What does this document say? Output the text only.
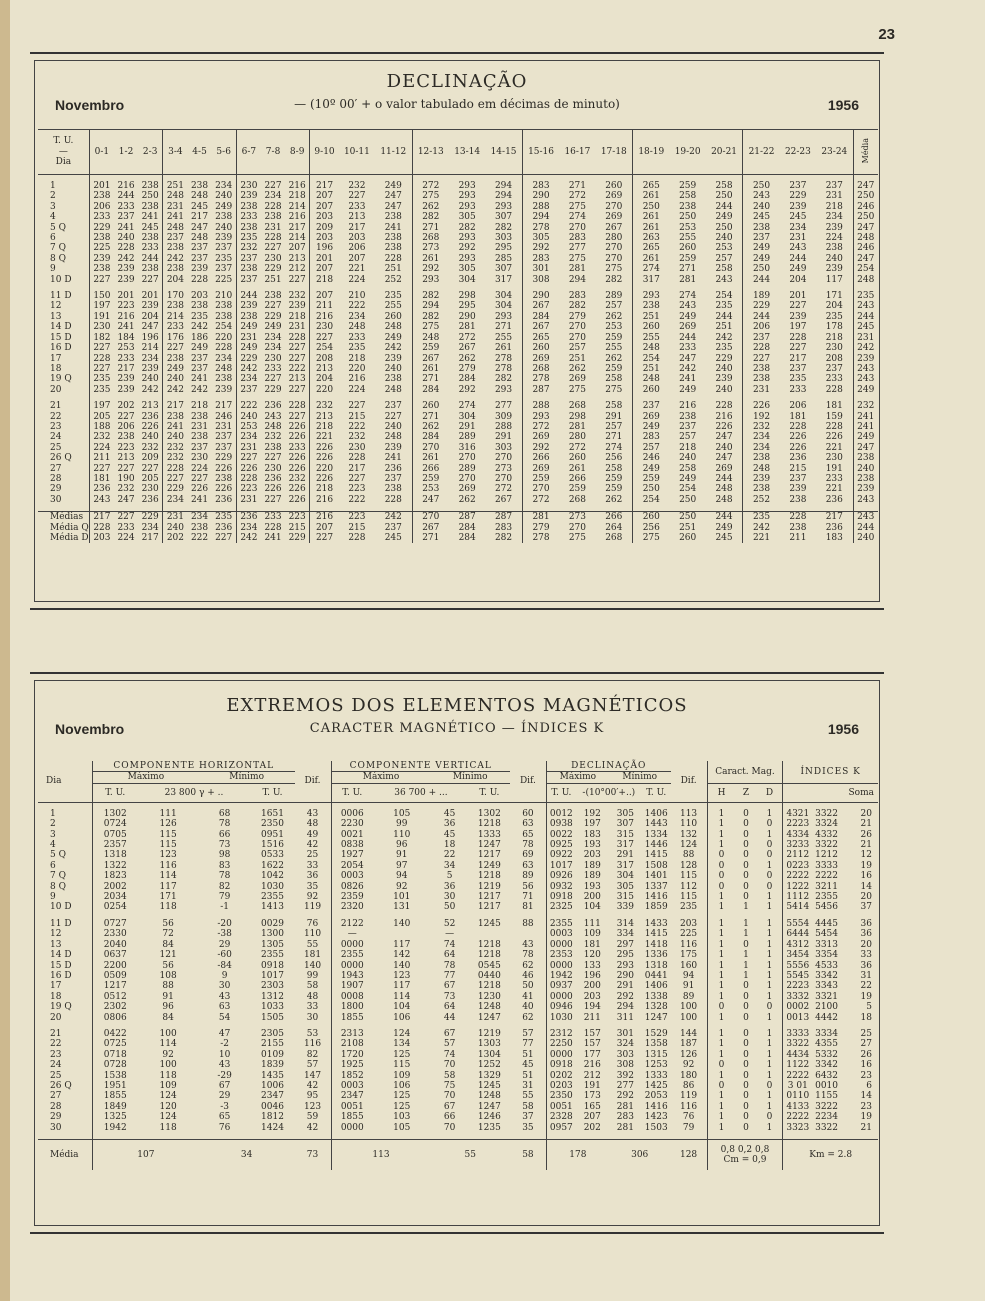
23
DECLINAÇÃO
Novembro	— (10º 00′ + o valor tabulado em décimas de minuto)	1956
T. U.
—
Dia	0-1	1-2	2-3	3-4	4-5	5-6	6-7	7-8	8-9	9-10	10-11	11-12	12-13	13-14	14-15	15-16	16-17	17-18	18-19	19-20	20-21	21-22	22-23	23-24	Média

1	201	216	238	251	238	234	230	227	216	217	232	249	272	293	294	283	271	260	265	259	258	250	237	237	247
2	238	244	250	248	248	240	239	234	218	207	227	247	275	293	294	290	272	269	261	258	250	243	229	231	250
3	206	233	238	231	245	249	238	228	214	207	233	247	262	293	293	288	275	270	250	238	244	240	239	218	246
4	233	237	241	241	217	238	233	238	216	203	213	238	282	305	307	294	274	269	261	250	249	245	245	234	250
5 Q	229	241	245	248	247	240	238	231	217	209	217	241	271	282	282	278	270	267	261	253	250	238	234	239	247
6	238	240	238	237	248	239	235	228	214	203	203	238	268	293	303	305	283	280	263	255	240	237	231	224	248
7 Q	225	228	233	238	237	237	232	227	207	196	206	238	273	292	295	292	277	270	265	260	253	249	243	238	246
8 Q	239	242	244	242	237	235	237	230	213	201	207	228	261	293	285	283	275	270	261	259	257	249	244	240	247
9	238	239	238	238	239	237	238	229	212	207	221	251	292	305	307	301	281	275	274	271	258	250	249	239	254
10 D	227	239	227	204	228	225	237	251	227	218	224	252	293	304	317	308	294	282	317	281	243	244	204	117	248

11 D	150	201	201	170	203	210	244	238	232	207	210	235	282	298	304	290	283	289	293	274	254	189	201	171	235
12	197	223	239	238	238	238	239	227	239	211	222	255	294	295	304	267	282	257	238	243	235	229	227	204	243
13	191	216	204	214	235	238	238	229	218	216	234	260	282	290	293	284	279	262	251	249	244	244	239	235	244
14 D	230	241	247	233	242	254	249	249	231	230	248	248	275	281	271	267	270	253	260	269	251	206	197	178	245
15 D	182	184	196	176	186	220	231	234	228	227	233	249	248	272	255	265	270	259	255	244	242	237	228	218	231
16 D	227	253	214	227	249	228	249	234	227	254	235	242	259	267	261	260	257	255	248	233	235	228	227	230	242
17	228	233	234	238	237	234	229	230	227	208	218	239	267	262	278	269	251	262	254	247	229	227	217	208	239
18	227	217	239	249	237	248	242	233	222	213	220	240	261	279	278	268	262	259	251	242	240	238	237	237	243
19 Q	235	239	240	240	241	238	234	227	213	204	216	238	271	284	282	278	269	258	248	241	239	238	235	233	243
20	235	239	242	242	242	239	237	229	227	220	224	248	284	292	293	287	275	275	260	249	240	231	233	228	249

21	197	202	213	217	218	217	222	236	228	232	227	237	260	274	277	288	268	258	237	216	228	226	206	181	232
22	205	227	236	238	238	246	240	243	227	213	215	227	271	304	309	293	298	291	269	238	216	192	181	159	241
23	188	206	226	241	231	231	253	248	226	218	222	240	262	291	288	272	281	257	249	237	226	232	228	228	241
24	232	238	240	240	238	237	234	232	226	221	232	248	284	289	291	269	280	271	283	257	247	234	226	226	249
25	224	223	232	232	237	237	231	238	233	226	230	239	270	316	303	292	272	274	257	218	240	234	226	221	247
26 Q	211	213	209	232	230	229	227	227	226	226	228	241	261	270	270	266	260	256	246	240	247	238	236	230	238
27	227	227	227	228	224	226	226	230	226	220	217	236	266	289	273	269	261	258	249	258	269	248	215	191	240
28	181	190	205	227	227	238	228	236	232	226	227	237	259	270	270	259	266	259	259	249	244	239	237	233	238
29	236	232	230	229	226	226	223	226	226	218	223	238	253	269	272	270	259	259	250	254	248	238	239	221	239
30	243	247	236	234	241	236	231	227	226	216	222	228	247	262	267	272	268	262	254	250	248	252	238	236	243

Médias	217	227	229	231	234	235	236	233	223	216	223	242	270	287	287	281	273	266	260	250	244	235	228	217	243
Média Q	228	233	234	240	238	236	234	228	215	207	215	237	267	284	283	279	270	264	256	251	249	242	238	236	244
Média D	203	224	217	202	222	227	242	241	229	227	228	245	271	284	282	278	275	268	275	260	245	221	211	183	240
EXTREMOS DOS ELEMENTOS MAGNÉTICOS
Novembro	CARACTER MAGNÉTICO — ÍNDICES K	1956
Dia	COMPONENTE HORIZONTAL				Dif.	COMPONENTE VERTICAL				Dif.	DECLINAÇÃO				Dif.	Caract. Mag.			ÍNDICES K		
	Máximo		Mínimo			Máximo		Mínimo			Máximo		Mínimo								
	T. U.	23 800 γ + ..		T. U.		T. U.	36 700 + ...		T. U.		T. U.	-(10°00′+..)		T. U.		H	Z	D			Soma

1	1302	111	68	1651	43	0006	105	45	1302	60	0012	192	305	1406	113	1	0	1	4321	3322	20
2	0724	126	78	2350	48	2230	99	36	1218	63	0938	197	307	1443	110	1	0	0	2223	3324	21
3	0705	115	66	0951	49	0021	110	45	1333	65	0022	183	315	1334	132	1	0	1	4334	4332	26
4	2357	115	73	1516	42	0838	96	18	1247	78	0925	193	317	1446	124	1	0	0	3233	3322	21
5 Q	1318	123	98	0533	25	1927	91	22	1217	69	0922	203	291	1415	88	0	0	0	2112	1212	12
6	1322	116	83	1622	33	2054	97	34	1249	63	1017	189	317	1508	128	0	0	1	0223	3333	19
7 Q	1823	114	78	1042	36	0003	94	5	1218	89	0926	189	304	1401	115	0	0	0	2222	2222	16
8 Q	2002	117	82	1030	35	0826	92	36	1219	56	0932	193	305	1337	112	0	0	0	1222	3211	14
9	2034	171	79	2355	92	2359	101	30	1217	71	0918	200	315	1416	115	1	0	1	1112	2355	20
10 D	0254	118	-1	1413	119	2320	131	50	1217	81	2325	104	339	1859	235	1	1	1	5414	5456	37

11 D	0727	56	-20	0029	76	2122	140	52	1245	88	2355	111	314	1433	203	1	1	1	5554	4445	36
12	2330	72	-38	1300	110	—		—			0003	109	334	1415	225	1	1	1	6444	5454	36
13	2040	84	29	1305	55	0000	117	74	1218	43	0000	181	297	1418	116	1	0	1	4312	3313	20
14 D	0637	121	-60	2355	181	2355	142	64	1218	78	2353	120	295	1336	175	1	1	1	3454	3354	33
15 D	2200	56	-84	0918	140	0000	140	78	0545	62	0000	133	293	1318	160	1	1	1	5556	4533	36
16 D	0509	108	9	1017	99	1943	123	77	0440	46	1942	196	290	0441	94	1	1	1	5545	3342	31
17	1217	88	30	2303	58	1907	117	67	1218	50	0937	200	291	1406	91	1	0	1	2223	3343	22
18	0512	91	43	1312	48	0008	114	73	1230	41	0000	203	292	1338	89	1	0	1	3332	3321	19
19 Q	2302	96	63	1033	33	1800	104	64	1248	40	0946	194	294	1328	100	0	0	0	0002	2100	5
20	0806	84	54	1505	30	1855	106	44	1247	62	1030	211	311	1247	100	1	0	1	0013	4442	18

21	0422	100	47	2305	53	2313	124	67	1219	57	2312	157	301	1529	144	1	0	1	3333	3334	25
22	0725	114	-2	2155	116	2108	134	57	1303	77	2250	157	324	1358	187	1	0	1	3322	4355	27
23	0718	92	10	0109	82	1720	125	74	1304	51	0000	177	303	1315	126	1	0	1	4434	5332	26
24	0728	100	43	1839	57	1925	115	70	1252	45	0918	216	308	1253	92	0	0	1	1122	3342	16
25	1538	118	-29	1435	147	1852	109	58	1329	51	0202	212	392	1333	180	1	0	1	2222	6432	23
26 Q	1951	109	67	1006	42	0003	106	75	1245	31	0203	191	277	1425	86	0	0	0	3 01	0010	6
27	1855	124	29	2347	95	2347	125	70	1248	55	2350	173	292	2053	119	1	0	1	0110	1155	14
28	1849	120	-3	0046	123	0051	125	67	1247	58	0051	165	281	1416	116	1	0	1	4133	3222	23
29	1325	124	65	1812	59	1855	103	66	1246	37	2328	207	283	1423	76	1	0	0	2222	2234	19
30	1942	118	76	1424	42	0000	105	70	1235	35	0957	202	281	1503	79	1	0	1	3323	3322	21

Média	107		34		73	113		55		58	178		306		128	0,8 0,2 0,8
Cm = 0,9			Km = 2.8		
